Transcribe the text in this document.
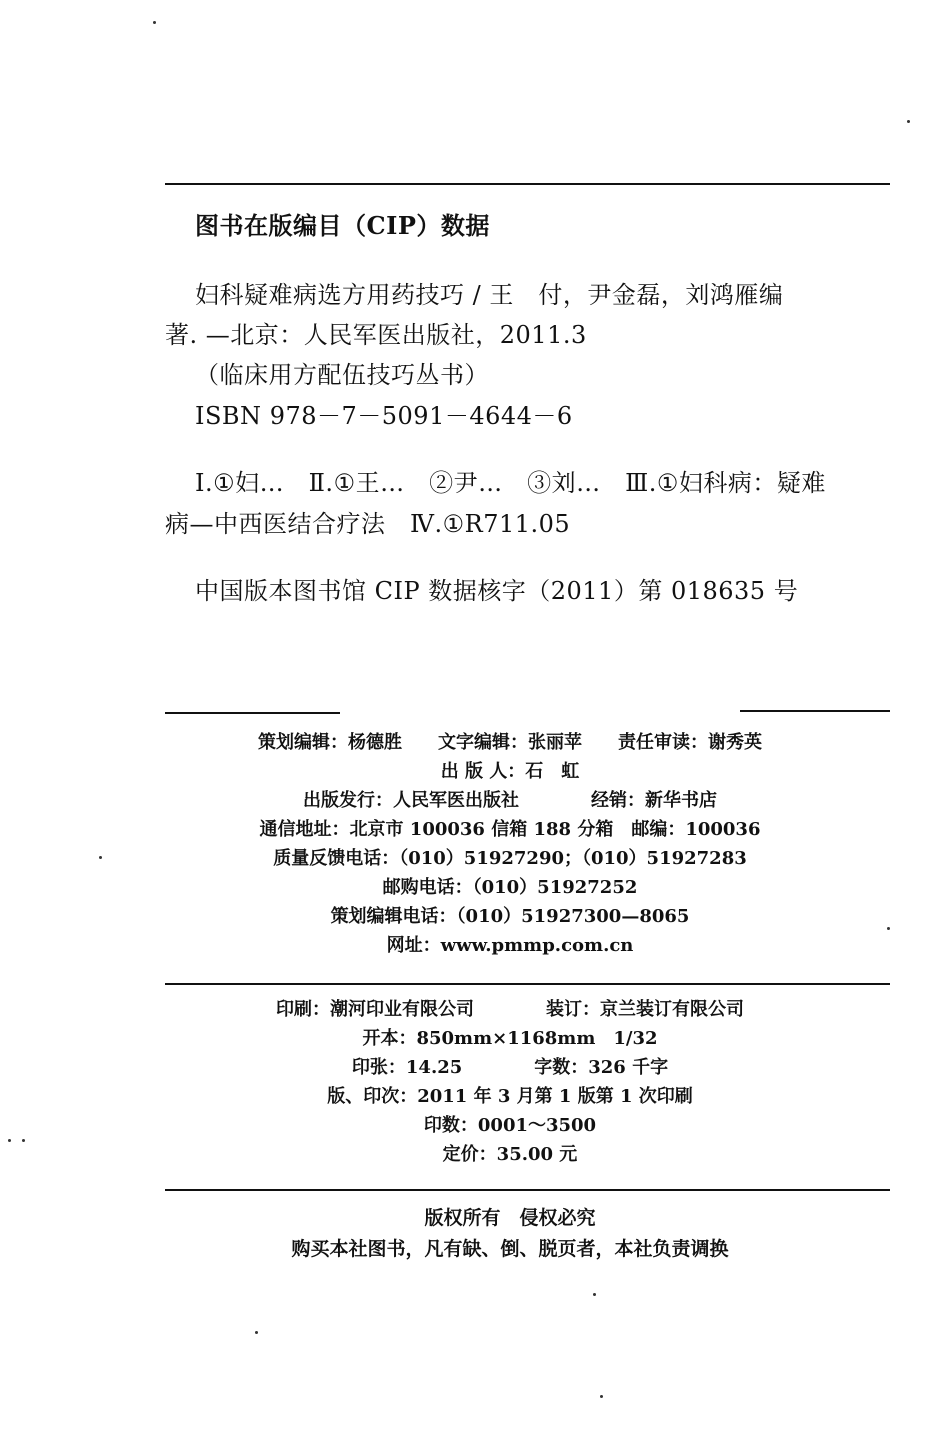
图书在版编目（CIP）数据
妇科疑难病选方用药技巧 / 王　付，尹金磊，刘鸿雁编
著. —北京：人民军医出版社，2011.3
（临床用方配伍技巧丛书）
ISBN 978－7－5091－4644－6
Ⅰ.①妇…　Ⅱ.①王…　②尹…　③刘…　Ⅲ.①妇科病：疑难
病—中西医结合疗法　Ⅳ.①R711.05
中国版本图书馆 CIP 数据核字（2011）第 018635 号
策划编辑：杨德胜　　文字编辑：张丽苹　　责任审读：谢秀英
出 版 人：石　虹
出版发行：人民军医出版社　　　　经销：新华书店
通信地址：北京市 100036 信箱 188 分箱　邮编：100036
质量反馈电话：（010）51927290；（010）51927283
邮购电话：（010）51927252
策划编辑电话：（010）51927300—8065
网址：www.pmmp.com.cn
印刷：潮河印业有限公司　　　　装订：京兰装订有限公司
开本：850mm×1168mm　1/32
印张：14.25　　　　字数：326 千字
版、印次：2011 年 3 月第 1 版第 1 次印刷
印数：0001～3500
定价：35.00 元
版权所有　侵权必究
购买本社图书，凡有缺、倒、脱页者，本社负责调换
